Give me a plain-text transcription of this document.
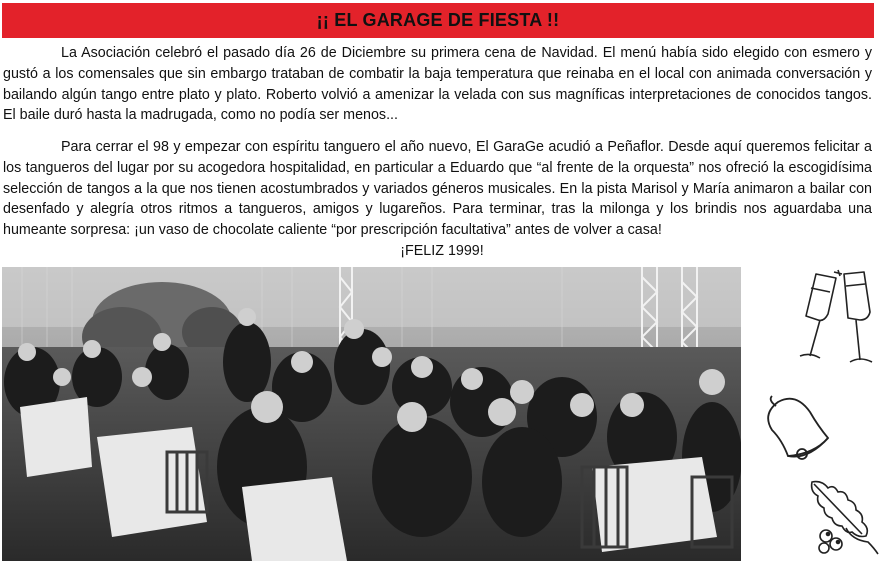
¡¡ EL GARAGE DE FIESTA !!

La Asociación celebró el pasado día 26 de Diciembre su primera cena de Navidad. El menú había sido elegido con esmero y gustó a los comensales que sin embargo trataban de combatir la baja temperatura que reinaba en el local con animada conversación y bailando algún tango entre plato y plato. Roberto volvió a amenizar la velada con sus magníficas interpretaciones de conocidos tangos. El baile duró hasta la madrugada, como no podía ser menos...

Para cerrar el 98 y empezar con espíritu tanguero el año nuevo, El GaraGe acudió a Peñaflor. Desde aquí queremos felicitar a los tangueros del lugar por su acogedora hospitalidad, en particular a Eduardo que “al frente de la orquesta” nos ofreció la escogidísima selección de tangos a la que nos tienen acostumbrados y variados géneros musicales. En la pista Marisol y María animaron a bailar con desenfado y alegría otros ritmos a tangueros, amigos y lugareños. Para terminar, tras la milonga y los brindis nos aguardaba una humeante sorpresa: ¡un vaso de chocolate caliente “por prescripción facultativa” antes de volver a casa!

¡FELIZ 1999!
